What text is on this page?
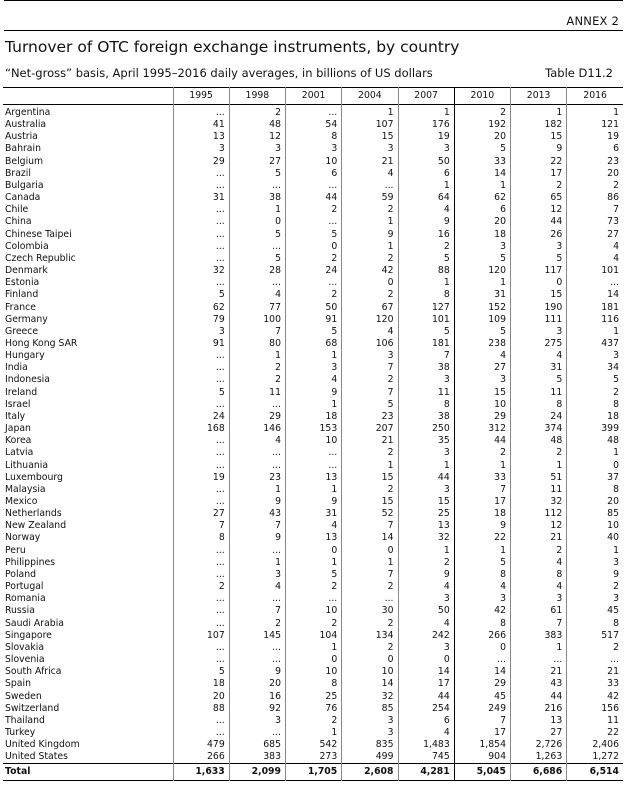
ANNEX 2
Turnover of OTC foreign exchange instruments, by country
“Net-gross” basis, April 1995–2016 daily averages, in billions of US dollars	Table D11.2
	1995	1998	2001	2004	2007	2010	2013	2016
Argentina	...	2	...	1	1	2	1	1
Australia	41	48	54	107	176	192	182	121
Austria	13	12	8	15	19	20	15	19
Bahrain	3	3	3	3	3	5	9	6
Belgium	29	27	10	21	50	33	22	23
Brazil	...	5	6	4	6	14	17	20
Bulgaria	...	...	...	...	1	1	2	2
Canada	31	38	44	59	64	62	65	86
Chile	...	1	2	2	4	6	12	7
China	...	0	...	1	9	20	44	73
Chinese Taipei	...	5	5	9	16	18	26	27
Colombia	...	...	0	1	2	3	3	4
Czech Republic	...	5	2	2	5	5	5	4
Denmark	32	28	24	42	88	120	117	101
Estonia	...	...	...	0	1	1	0	...
Finland	5	4	2	2	8	31	15	14
France	62	77	50	67	127	152	190	181
Germany	79	100	91	120	101	109	111	116
Greece	3	7	5	4	5	5	3	1
Hong Kong SAR	91	80	68	106	181	238	275	437
Hungary	...	1	1	3	7	4	4	3
India	...	2	3	7	38	27	31	34
Indonesia	...	2	4	2	3	3	5	5
Ireland	5	11	9	7	11	15	11	2
Israel	...	...	1	5	8	10	8	8
Italy	24	29	18	23	38	29	24	18
Japan	168	146	153	207	250	312	374	399
Korea	...	4	10	21	35	44	48	48
Latvia	...	...	...	2	3	2	2	1
Lithuania	...	...	...	1	1	1	1	0
Luxembourg	19	23	13	15	44	33	51	37
Malaysia	...	1	1	2	3	7	11	8
Mexico	...	9	9	15	15	17	32	20
Netherlands	27	43	31	52	25	18	112	85
New Zealand	7	7	4	7	13	9	12	10
Norway	8	9	13	14	32	22	21	40
Peru	...	...	0	0	1	1	2	1
Philippines	...	1	1	1	2	5	4	3
Poland	...	3	5	7	9	8	8	9
Portugal	2	4	2	2	4	4	4	2
Romania	...	...	...	...	3	3	3	3
Russia	...	7	10	30	50	42	61	45
Saudi Arabia	...	2	2	2	4	8	7	8
Singapore	107	145	104	134	242	266	383	517
Slovakia	...	...	1	2	3	0	1	2
Slovenia	...	...	0	0	0	...	...	...
South Africa	5	9	10	10	14	14	21	21
Spain	18	20	8	14	17	29	43	33
Sweden	20	16	25	32	44	45	44	42
Switzerland	88	92	76	85	254	249	216	156
Thailand	...	3	2	3	6	7	13	11
Turkey	...	...	1	3	4	17	27	22
United Kingdom	479	685	542	835	1,483	1,854	2,726	2,406
United States	266	383	273	499	745	904	1,263	1,272
Total	1,633	2,099	1,705	2,608	4,281	5,045	6,686	6,514
